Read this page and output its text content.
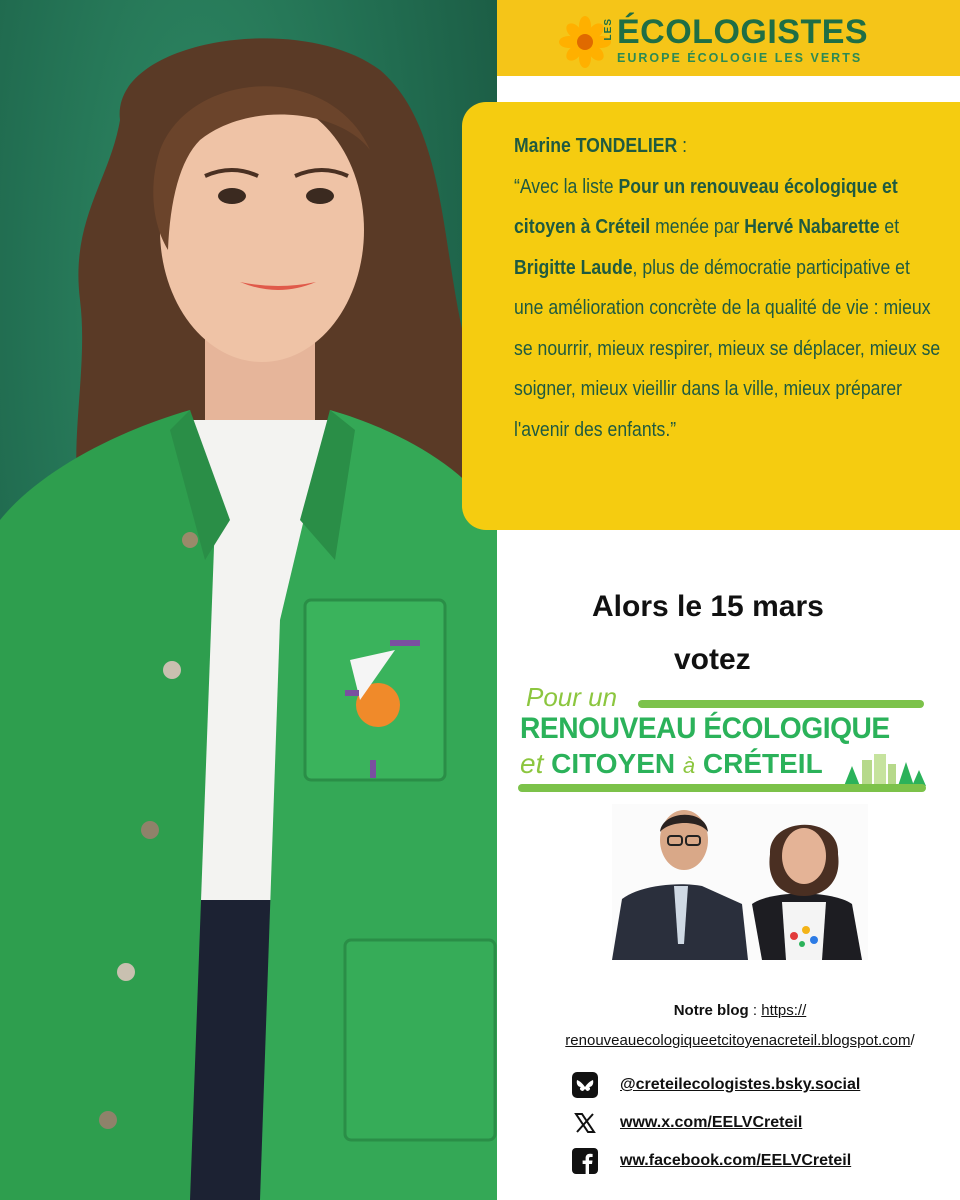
LES ÉCOLOGISTES
EUROPE ÉCOLOGIE LES VERTS
Marine TONDELIER :
“Avec la liste Pour un renouveau écologique et citoyen à Créteil menée par Hervé Nabarette et Brigitte Laude, plus de démocratie participative et une amélioration concrète de la qualité de vie : mieux se nourrir, mieux respirer, mieux se déplacer, mieux se soigner, mieux vieillir dans la ville, mieux préparer l'avenir des enfants.”
Alors le 15 mars
votez
Pour un
RENOUVEAU ÉCOLOGIQUE
et CITOYEN à CRÉTEIL
Notre blog : https://
renouveauecologiqueetcitoyenacreteil.blogspot.com/
@creteilecologistes.bsky.social
www.x.com/EELVCreteil
ww.facebook.com/EELVCreteil
